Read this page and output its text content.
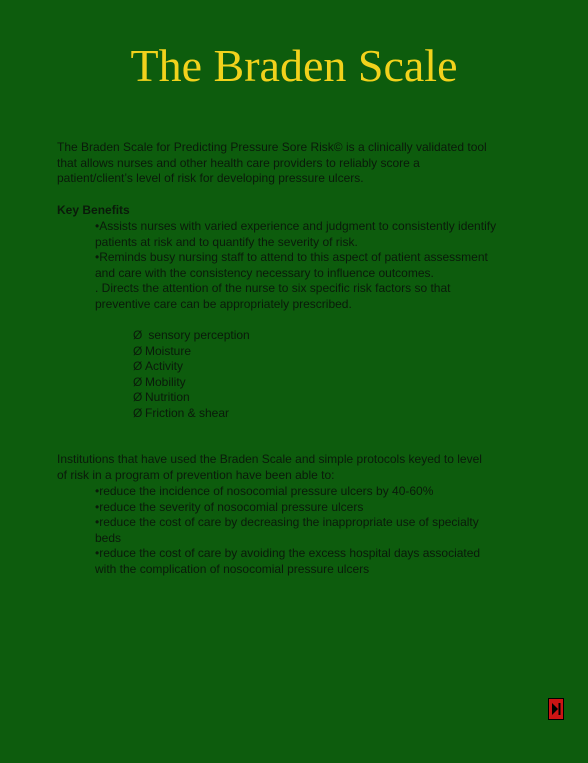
The Braden Scale
The Braden Scale for Predicting Pressure Sore Risk© is a clinically validated tool
that allows nurses and other health care providers to reliably score a
patient/client’s level of risk for developing pressure ulcers.
Key Benefits
•Assists nurses with varied experience and judgment to consistently identify
patients at risk and to quantify the severity of risk.
•Reminds busy nursing staff to attend to this aspect of patient assessment
and care with the consistency necessary to influence outcomes.
. Directs the attention of the nurse to six specific risk factors so that
preventive care can be appropriately prescribed.
Ø sensory perception
Ø Moisture
Ø Activity
Ø Mobility
Ø Nutrition
Ø Friction & shear
Institutions that have used the Braden Scale and simple protocols keyed to level
of risk in a program of prevention have been able to:
•reduce the incidence of nosocomial pressure ulcers by 40-60%
•reduce the severity of nosocomial pressure ulcers
•reduce the cost of care by decreasing the inappropriate use of specialty
beds
•reduce the cost of care by avoiding the excess hospital days associated
with the complication of nosocomial pressure ulcers
